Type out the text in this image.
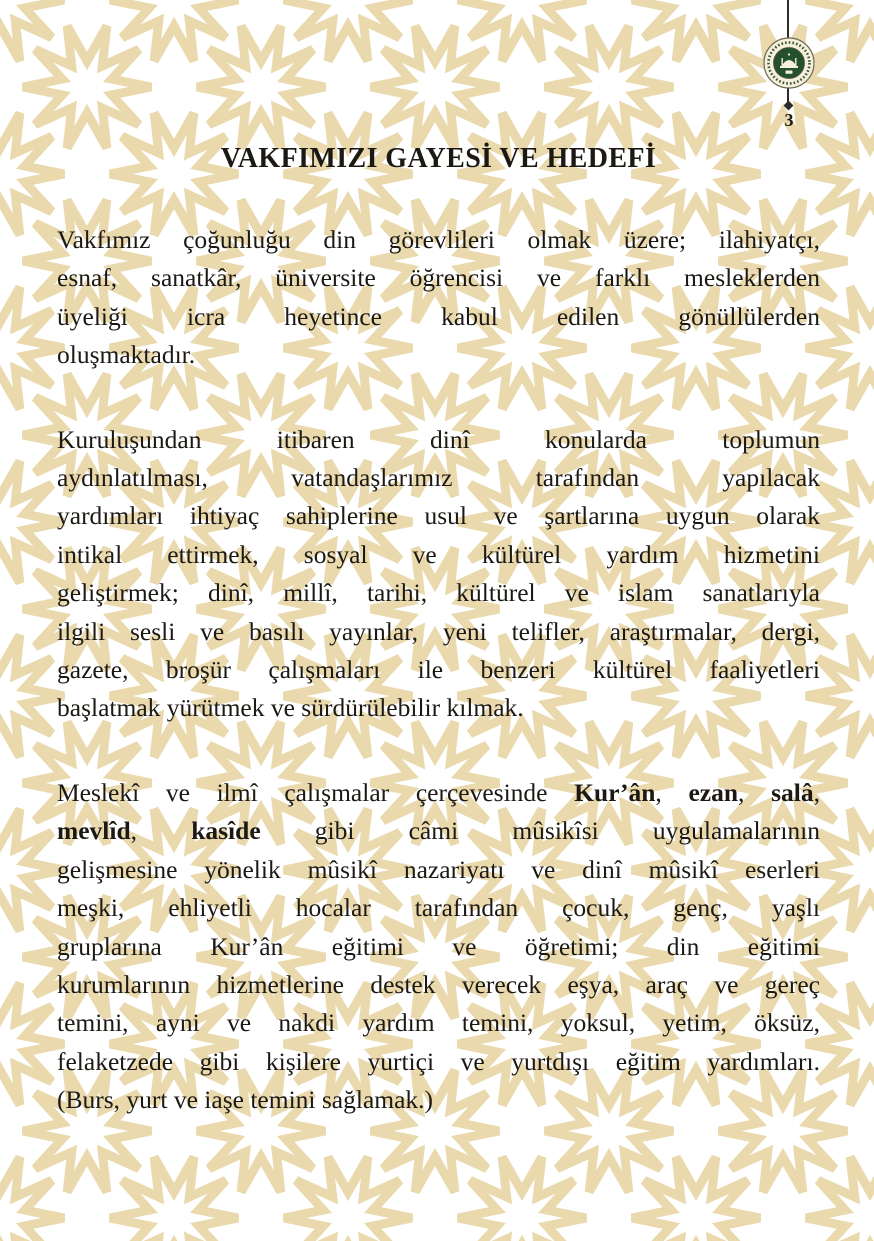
3
VAKFIMIZI GAYESİ VE HEDEFİ
Vakfımız çoğunluğu din görevlileri olmak üzere; ilahiyatçı,
esnaf, sanatkâr, üniversite öğrencisi ve farklı mesleklerden
üyeliği icra heyetince kabul edilen gönüllülerden
oluşmaktadır.
Kuruluşundan itibaren dinî konularda toplumun
aydınlatılması, vatandaşlarımız tarafından yapılacak
yardımları ihtiyaç sahiplerine usul ve şartlarına uygun olarak
intikal ettirmek, sosyal ve kültürel yardım hizmetini
geliştirmek; dinî, millî, tarihi, kültürel ve islam sanatlarıyla
ilgili sesli ve basılı yayınlar, yeni telifler, araştırmalar, dergi,
gazete, broşür çalışmaları ile benzeri kültürel faaliyetleri
başlatmak yürütmek ve sürdürülebilir kılmak.
Meslekî ve ilmî çalışmalar çerçevesinde Kur’ân, ezan, salâ,
mevlîd, kasîde gibi câmi mûsikîsi uygulamalarının
gelişmesine yönelik mûsikî nazariyatı ve dinî mûsikî eserleri
meşki, ehliyetli hocalar tarafından çocuk, genç, yaşlı
gruplarına Kur’ân eğitimi ve öğretimi; din eğitimi
kurumlarının hizmetlerine destek verecek eşya, araç ve gereç
temini, ayni ve nakdi yardım temini, yoksul, yetim, öksüz,
felaketzede gibi kişilere yurtiçi ve yurtdışı eğitim yardımları.
(Burs, yurt ve iaşe temini sağlamak.)
